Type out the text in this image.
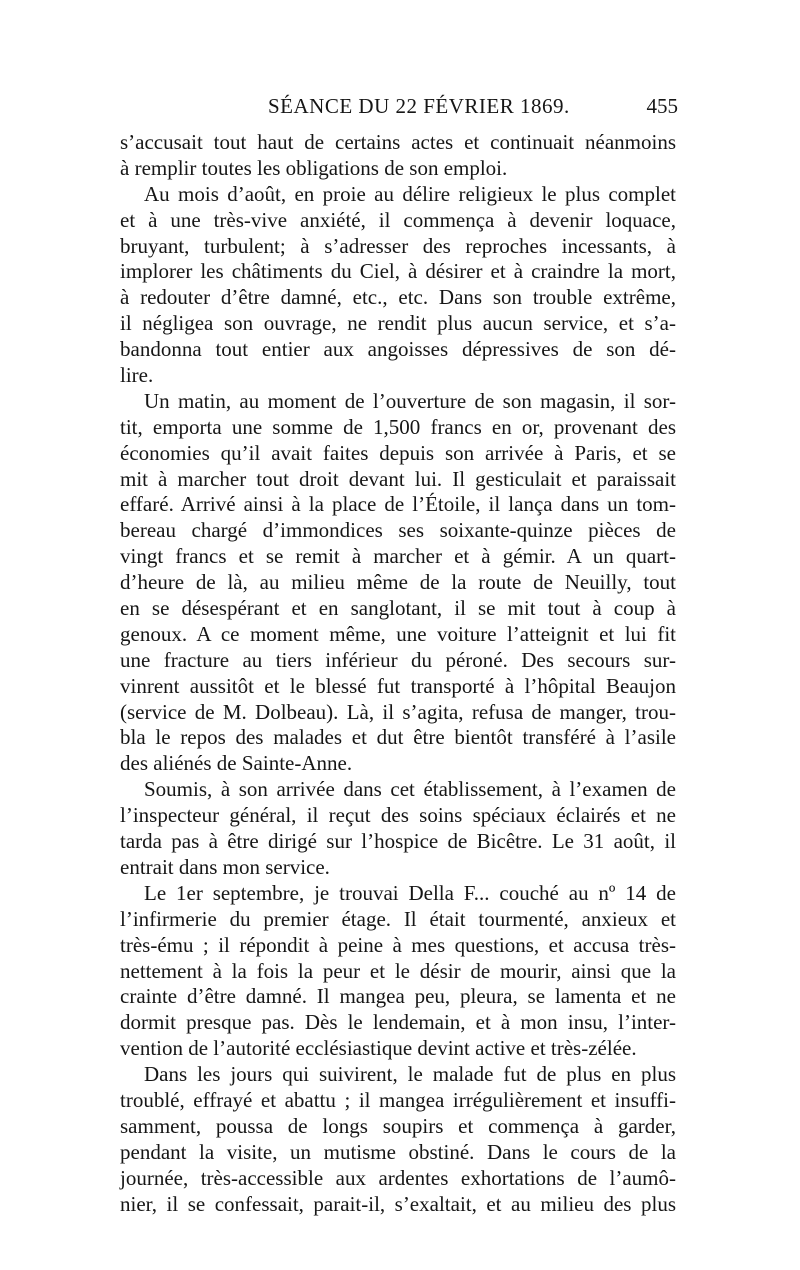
SÉANCE DU 22 FÉVRIER 1869.	455
s’accusait tout haut de certains actes et continuait néanmoins
à remplir toutes les obligations de son emploi.
Au mois d’août, en proie au délire religieux le plus complet
et à une très-vive anxiété, il commença à devenir loquace,
bruyant, turbulent; à s’adresser des reproches incessants, à
implorer les châtiments du Ciel, à désirer et à craindre la mort,
à redouter d’être damné, etc., etc. Dans son trouble extrême,
il négligea son ouvrage, ne rendit plus aucun service, et s’a-
bandonna tout entier aux angoisses dépressives de son dé-
lire.
Un matin, au moment de l’ouverture de son magasin, il sor-
tit, emporta une somme de 1,500 francs en or, provenant des
économies qu’il avait faites depuis son arrivée à Paris, et se
mit à marcher tout droit devant lui. Il gesticulait et paraissait
effaré. Arrivé ainsi à la place de l’Étoile, il lança dans un tom-
bereau chargé d’immondices ses soixante-quinze pièces de
vingt francs et se remit à marcher et à gémir. A un quart-
d’heure de là, au milieu même de la route de Neuilly, tout
en se désespérant et en sanglotant, il se mit tout à coup à
genoux. A ce moment même, une voiture l’atteignit et lui fit
une fracture au tiers inférieur du péroné. Des secours sur-
vinrent aussitôt et le blessé fut transporté à l’hôpital Beaujon
(service de M. Dolbeau). Là, il s’agita, refusa de manger, trou-
bla le repos des malades et dut être bientôt transféré à l’asile
des aliénés de Sainte-Anne.
Soumis, à son arrivée dans cet établissement, à l’examen de
l’inspecteur général, il reçut des soins spéciaux éclairés et ne
tarda pas à être dirigé sur l’hospice de Bicêtre. Le 31 août, il
entrait dans mon service.
Le 1er septembre, je trouvai Della F... couché au nº 14 de
l’infirmerie du premier étage. Il était tourmenté, anxieux et
très-ému ; il répondit à peine à mes questions, et accusa très-
nettement à la fois la peur et le désir de mourir, ainsi que la
crainte d’être damné. Il mangea peu, pleura, se lamenta et ne
dormit presque pas. Dès le lendemain, et à mon insu, l’inter-
vention de l’autorité ecclésiastique devint active et très-zélée.
Dans les jours qui suivirent, le malade fut de plus en plus
troublé, effrayé et abattu ; il mangea irrégulièrement et insuffi-
samment, poussa de longs soupirs et commença à garder,
pendant la visite, un mutisme obstiné. Dans le cours de la
journée, très-accessible aux ardentes exhortations de l’aumô-
nier, il se confessait, parait-il, s’exaltait, et au milieu des plus
